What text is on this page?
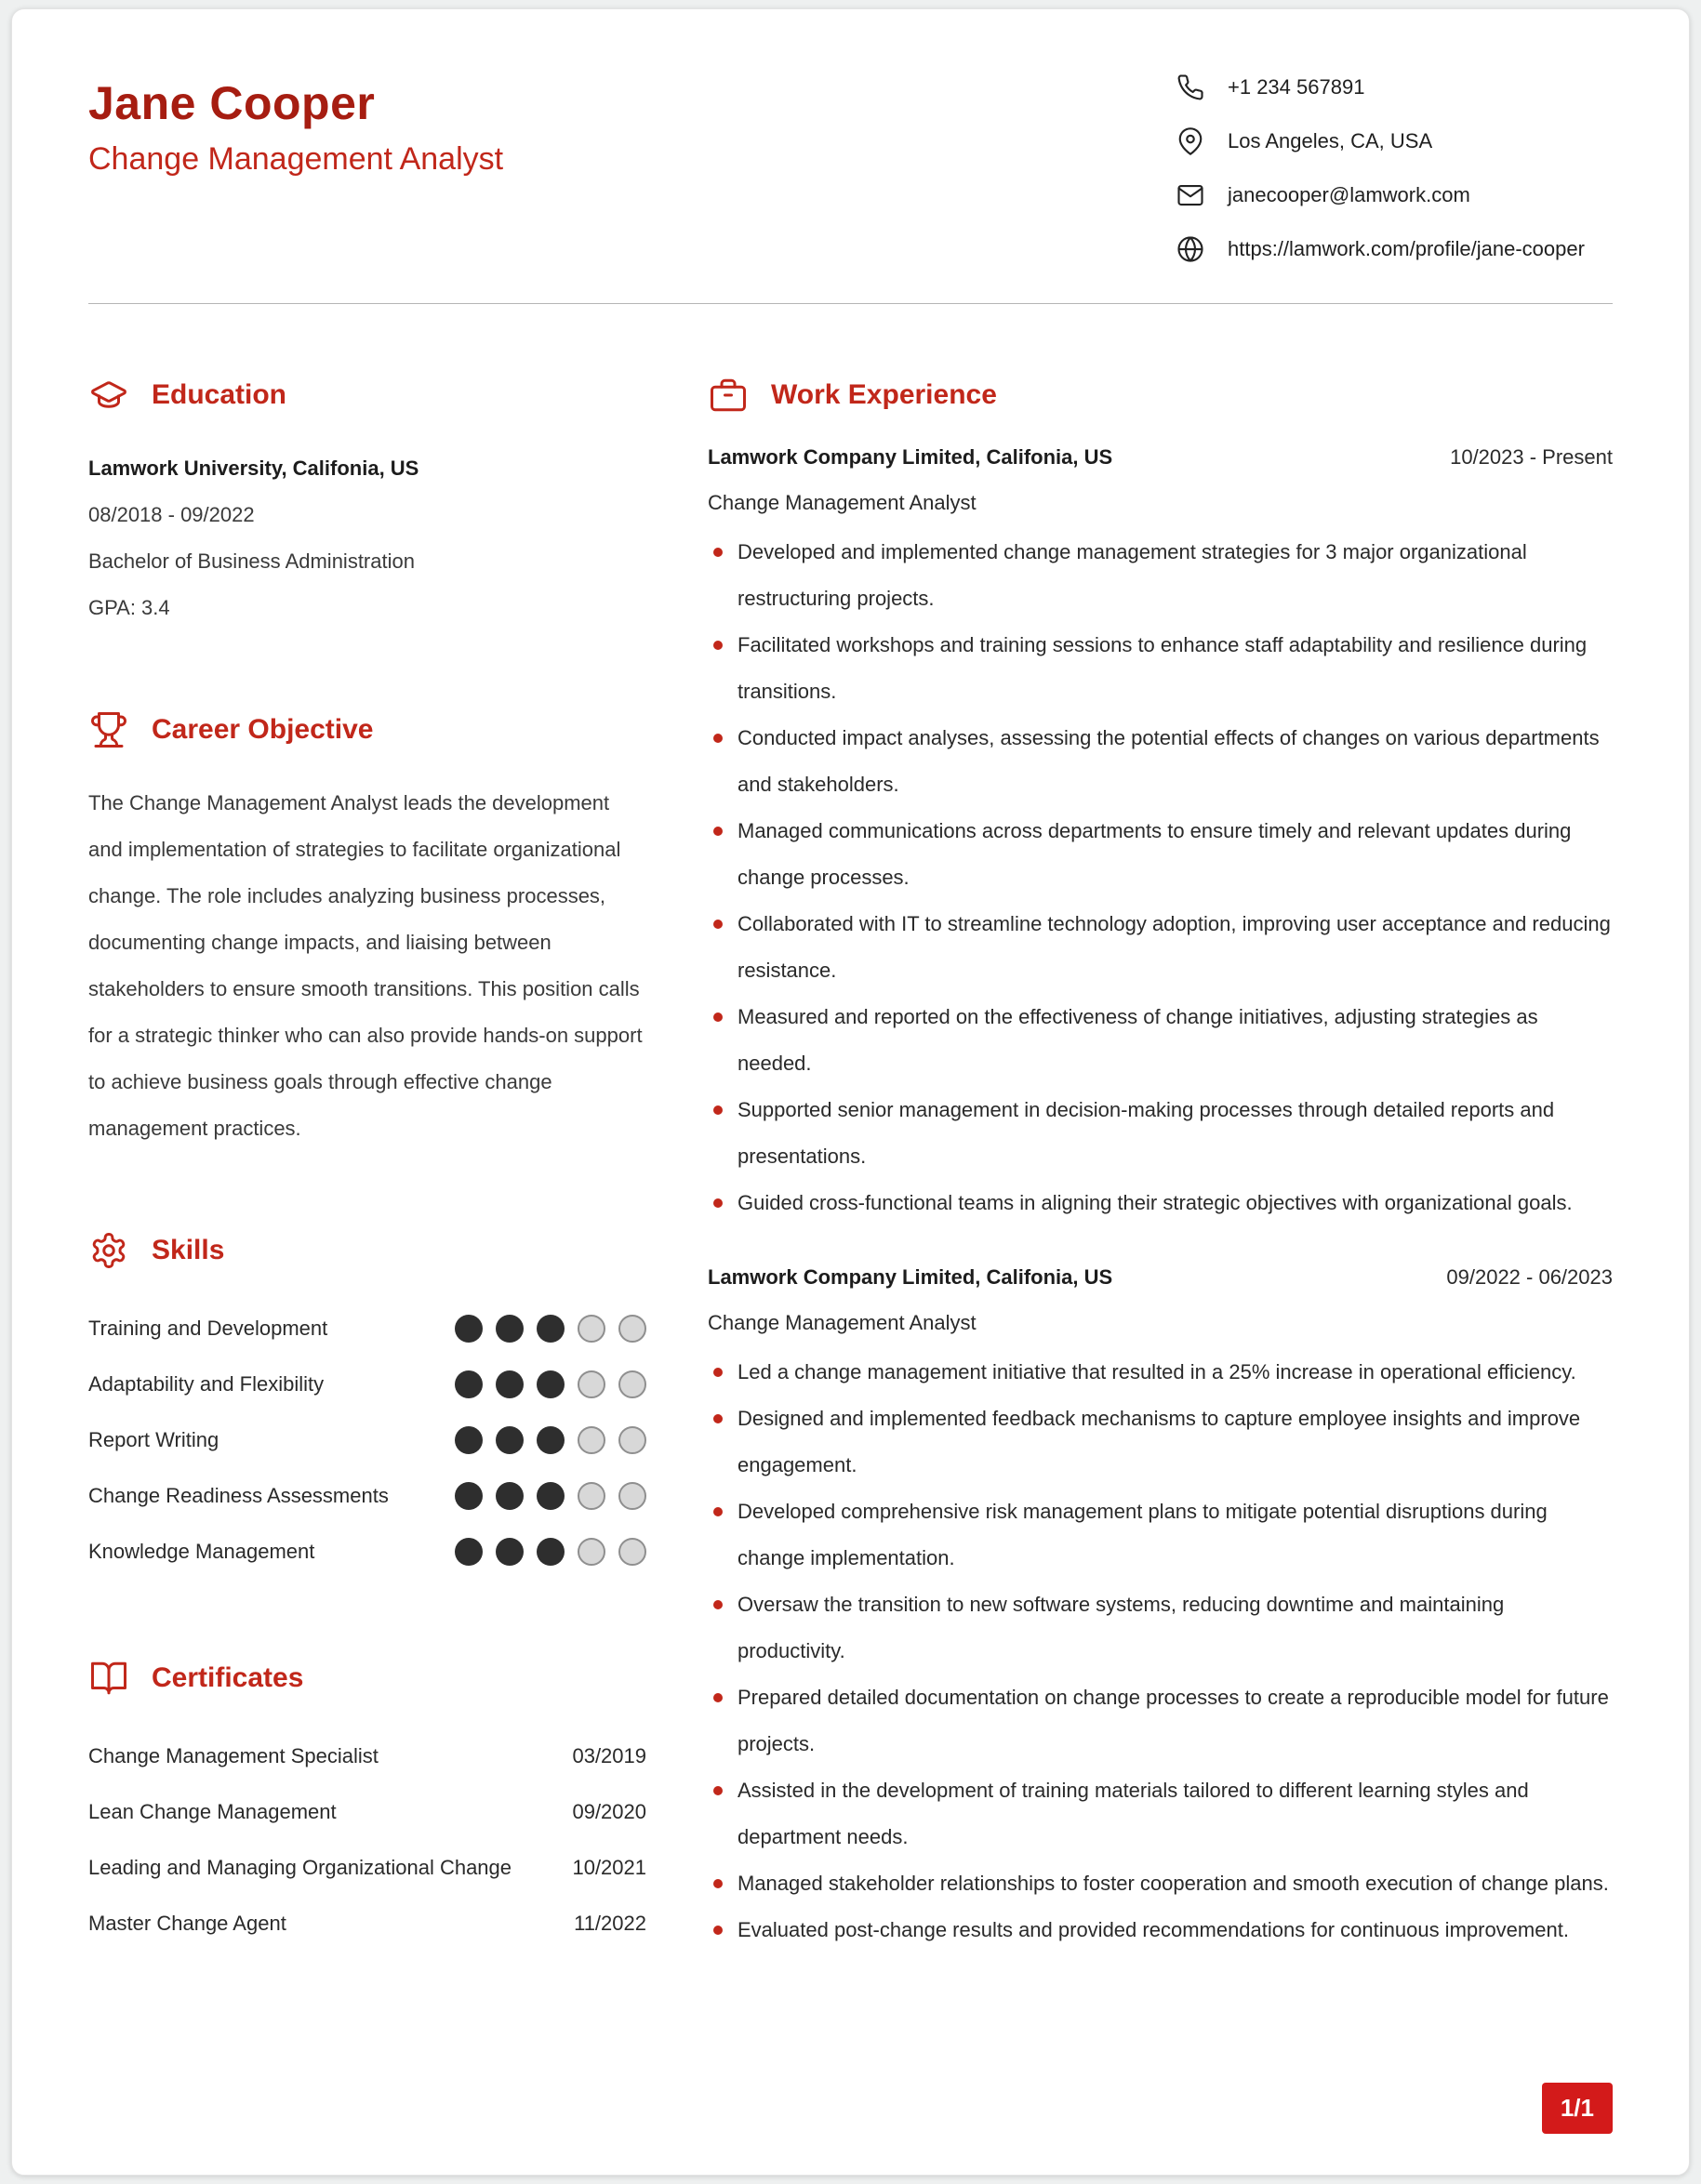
Jane Cooper
Change Management Analyst
+1 234 567891
Los Angeles, CA, USA
janecooper@lamwork.com
https://lamwork.com/profile/jane-cooper
Education

Lamwork University, Califonia, US

08/2018 - 09/2022

Bachelor of Business Administration

GPA: 3.4

Career Objective

The Change Management Analyst leads the development and implementation of strategies to facilitate organizational change. The role includes analyzing business processes, documenting change impacts, and liaising between stakeholders to ensure smooth transitions. This position calls for a strategic thinker who can also provide hands-on support to achieve business goals through effective change management practices.

Skills
Training and Development
Adaptability and Flexibility
Report Writing
Change Readiness Assessments
Knowledge Management
Certificates
Change Management Specialist	03/2019
Lean Change Management	09/2020
Leading and Managing Organizational Change	10/2021
Master Change Agent	11/2022
Work Experience
Lamwork Company Limited, Califonia, US	10/2023 - Present

Change Management Analyst

Developed and implemented change management strategies for 3 major organizational restructuring projects.
Facilitated workshops and training sessions to enhance staff adaptability and resilience during transitions.
Conducted impact analyses, assessing the potential effects of changes on various departments and stakeholders.
Managed communications across departments to ensure timely and relevant updates during change processes.
Collaborated with IT to streamline technology adoption, improving user acceptance and reducing resistance.
Measured and reported on the effectiveness of change initiatives, adjusting strategies as needed.
Supported senior management in decision-making processes through detailed reports and presentations.
Guided cross-functional teams in aligning their strategic objectives with organizational goals.
Lamwork Company Limited, Califonia, US	09/2022 - 06/2023

Change Management Analyst

Led a change management initiative that resulted in a 25% increase in operational efficiency.
Designed and implemented feedback mechanisms to capture employee insights and improve engagement.
Developed comprehensive risk management plans to mitigate potential disruptions during change implementation.
Oversaw the transition to new software systems, reducing downtime and maintaining productivity.
Prepared detailed documentation on change processes to create a reproducible model for future projects.
Assisted in the development of training materials tailored to different learning styles and department needs.
Managed stakeholder relationships to foster cooperation and smooth execution of change plans.
Evaluated post-change results and provided recommendations for continuous improvement.
1/1
